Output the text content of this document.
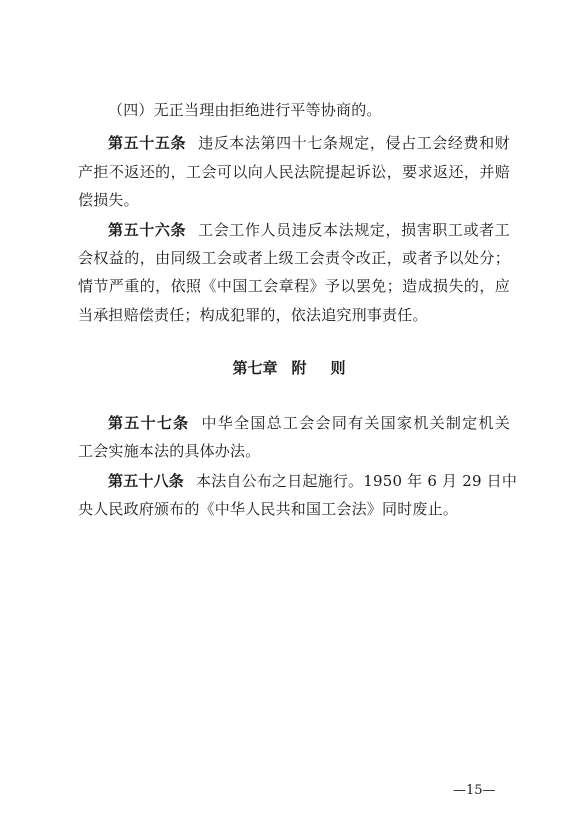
（四）无正当理由拒绝进行平等协商的。
第五十五条 违反本法第四十七条规定，侵占工会经费和财
产拒不返还的，工会可以向人民法院提起诉讼，要求返还，并赔
偿损失。
第五十六条 工会工作人员违反本法规定，损害职工或者工
会权益的，由同级工会或者上级工会责令改正，或者予以处分；
情节严重的，依照《中国工会章程》予以罢免；造成损失的，应
当承担赔偿责任；构成犯罪的，依法追究刑事责任。
第七章 附 则
第五十七条 中华全国总工会会同有关国家机关制定机关
工会实施本法的具体办法。
第五十八条 本法自公布之日起施行。1950 年 6 月 29 日中
央人民政府颁布的《中华人民共和国工会法》同时废止。
—15—
